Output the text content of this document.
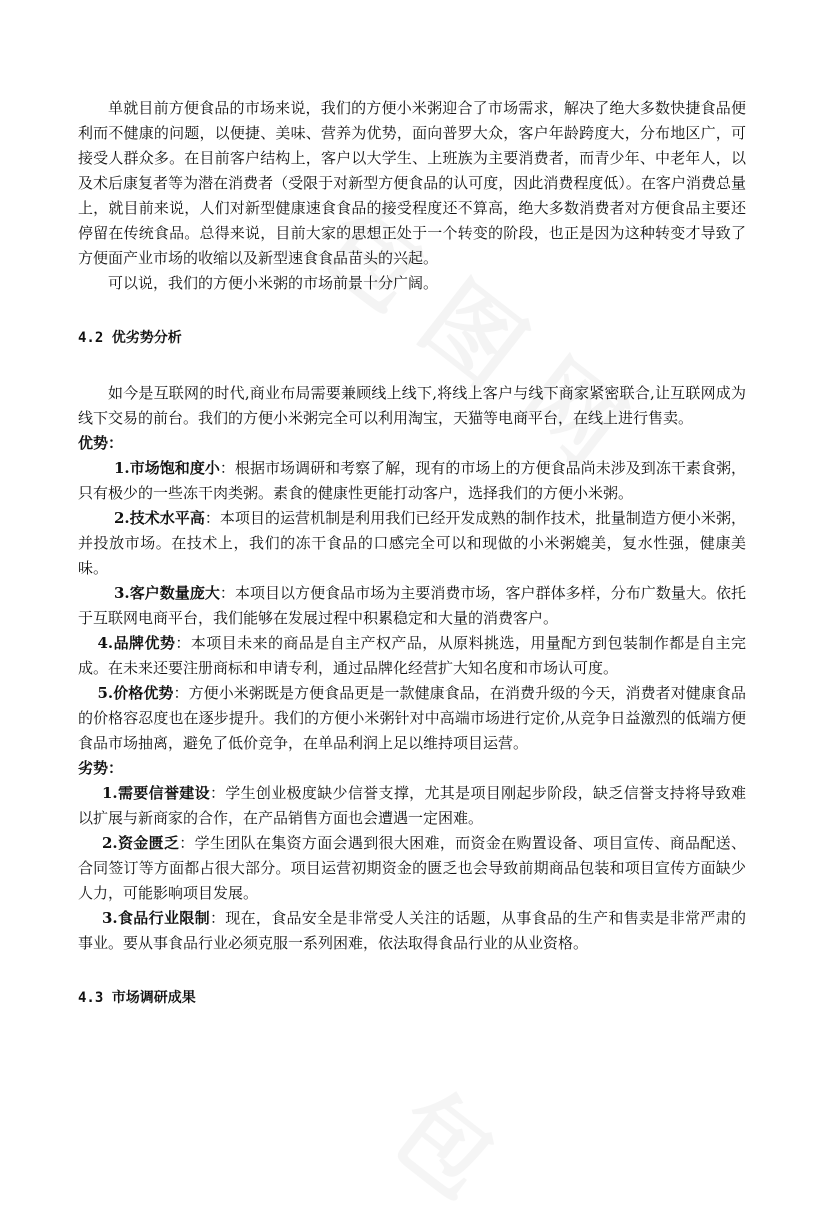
单就目前方便食品的市场来说，我们的方便小米粥迎合了市场需求，解决了绝大多数快捷食品便利而不健康的问题，以便捷、美味、营养为优势，面向普罗大众，客户年龄跨度大，分布地区广，可接受人群众多。在目前客户结构上，客户以大学生、上班族为主要消费者，而青少年、中老年人，以及术后康复者等为潜在消费者（受限于对新型方便食品的认可度，因此消费程度低）。在客户消费总量上，就目前来说，人们对新型健康速食食品的接受程度还不算高，绝大多数消费者对方便食品主要还停留在传统食品。总得来说，目前大家的思想正处于一个转变的阶段，也正是因为这种转变才导致了方便面产业市场的收缩以及新型速食食品苗头的兴起。

可以说，我们的方便小米粥的市场前景十分广阔。

4.2 优劣势分析

如今是互联网的时代,商业布局需要兼顾线上线下,将线上客户与线下商家紧密联合,让互联网成为线下交易的前台。我们的方便小米粥完全可以利用淘宝，天猫等电商平台，在线上进行售卖。

优势：

1.市场饱和度小：根据市场调研和考察了解，现有的市场上的方便食品尚未涉及到冻干素食粥，只有极少的一些冻干肉类粥。素食的健康性更能打动客户，选择我们的方便小米粥。

2.技术水平高：本项目的运营机制是利用我们已经开发成熟的制作技术，批量制造方便小米粥，并投放市场。在技术上，我们的冻干食品的口感完全可以和现做的小米粥媲美，复水性强，健康美味。

3.客户数量庞大：本项目以方便食品市场为主要消费市场，客户群体多样，分布广数量大。依托于互联网电商平台，我们能够在发展过程中积累稳定和大量的消费客户。

4.品牌优势：本项目未来的商品是自主产权产品，从原料挑选，用量配方到包装制作都是自主完成。在未来还要注册商标和申请专利，通过品牌化经营扩大知名度和市场认可度。

5.价格优势：方便小米粥既是方便食品更是一款健康食品，在消费升级的今天，消费者对健康食品的价格容忍度也在逐步提升。我们的方便小米粥针对中高端市场进行定价,从竞争日益激烈的低端方便食品市场抽离，避免了低价竞争，在单品利润上足以维持项目运营。

劣势：

1.需要信誉建设：学生创业极度缺少信誉支撑，尤其是项目刚起步阶段，缺乏信誉支持将导致难以扩展与新商家的合作，在产品销售方面也会遭遇一定困难。

2.资金匮乏：学生团队在集资方面会遇到很大困难，而资金在购置设备、项目宣传、商品配送、合同签订等方面都占很大部分。项目运营初期资金的匮乏也会导致前期商品包装和项目宣传方面缺少人力，可能影响项目发展。

3.食品行业限制：现在，食品安全是非常受人关注的话题，从事食品的生产和售卖是非常严肃的事业。要从事食品行业必须克服一系列困难，依法取得食品行业的从业资格。

4.3 市场调研成果
